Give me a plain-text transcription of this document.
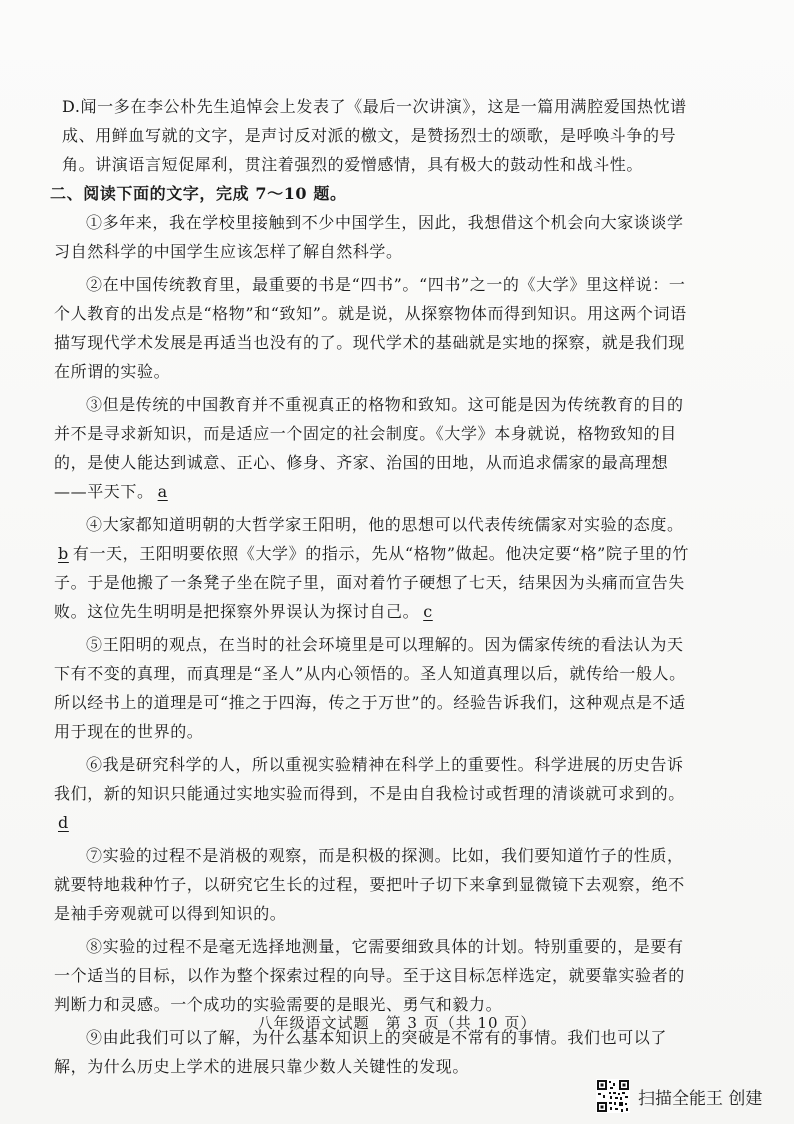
D.闻一多在李公朴先生追悼会上发表了《最后一次讲演》，这是一篇用满腔爱国热忱谱
成、用鲜血写就的文字，是声讨反对派的檄文，是赞扬烈士的颂歌，是呼唤斗争的号
角。讲演语言短促犀利，贯注着强烈的爱憎感情，具有极大的鼓动性和战斗性。

二、阅读下面的文字，完成 7～10 题。

①多年来，我在学校里接触到不少中国学生，因此，我想借这个机会向大家谈谈学习自然科学的中国学生应该怎样了解自然科学。

②在中国传统教育里，最重要的书是“四书”。“四书”之一的《大学》里这样说：一个人教育的出发点是“格物”和“致知”。就是说，从探察物体而得到知识。用这两个词语描写现代学术发展是再适当也没有的了。现代学术的基础就是实地的探察，就是我们现在所谓的实验。

③但是传统的中国教育并不重视真正的格物和致知。这可能是因为传统教育的目的并不是寻求新知识，而是适应一个固定的社会制度。《大学》本身就说，格物致知的目的，是使人能达到诚意、正心、修身、齐家、治国的田地，从而追求儒家的最高理想——平天下。 a

④大家都知道明朝的大哲学家王阳明，他的思想可以代表传统儒家对实验的态度。b 有一天，王阳明要依照《大学》的指示，先从“格物”做起。他决定要“格”院子里的竹子。于是他搬了一条凳子坐在院子里，面对着竹子硬想了七天，结果因为头痛而宣告失败。这位先生明明是把探察外界误认为探讨自己。 c

⑤王阳明的观点，在当时的社会环境里是可以理解的。因为儒家传统的看法认为天下有不变的真理，而真理是“圣人”从内心领悟的。圣人知道真理以后，就传给一般人。所以经书上的道理是可“推之于四海，传之于万世”的。经验告诉我们，这种观点是不适用于现在的世界的。

⑥我是研究科学的人，所以重视实验精神在科学上的重要性。科学进展的历史告诉我们，新的知识只能通过实地实验而得到，不是由自我检讨或哲理的清谈就可求到的。d

⑦实验的过程不是消极的观察，而是积极的探测。比如，我们要知道竹子的性质，就要特地栽种竹子，以研究它生长的过程，要把叶子切下来拿到显微镜下去观察，绝不是袖手旁观就可以得到知识的。

⑧实验的过程不是毫无选择地测量，它需要细致具体的计划。特别重要的，是要有一个适当的目标，以作为整个探索过程的向导。至于这目标怎样选定，就要靠实验者的判断力和灵感。一个成功的实验需要的是眼光、勇气和毅力。

⑨由此我们可以了解，为什么基本知识上的突破是不常有的事情。我们也可以了解，为什么历史上学术的进展只靠少数人关键性的发现。

八年级语文试题　第 3 页（共 10 页）
扫描全能王 创建
